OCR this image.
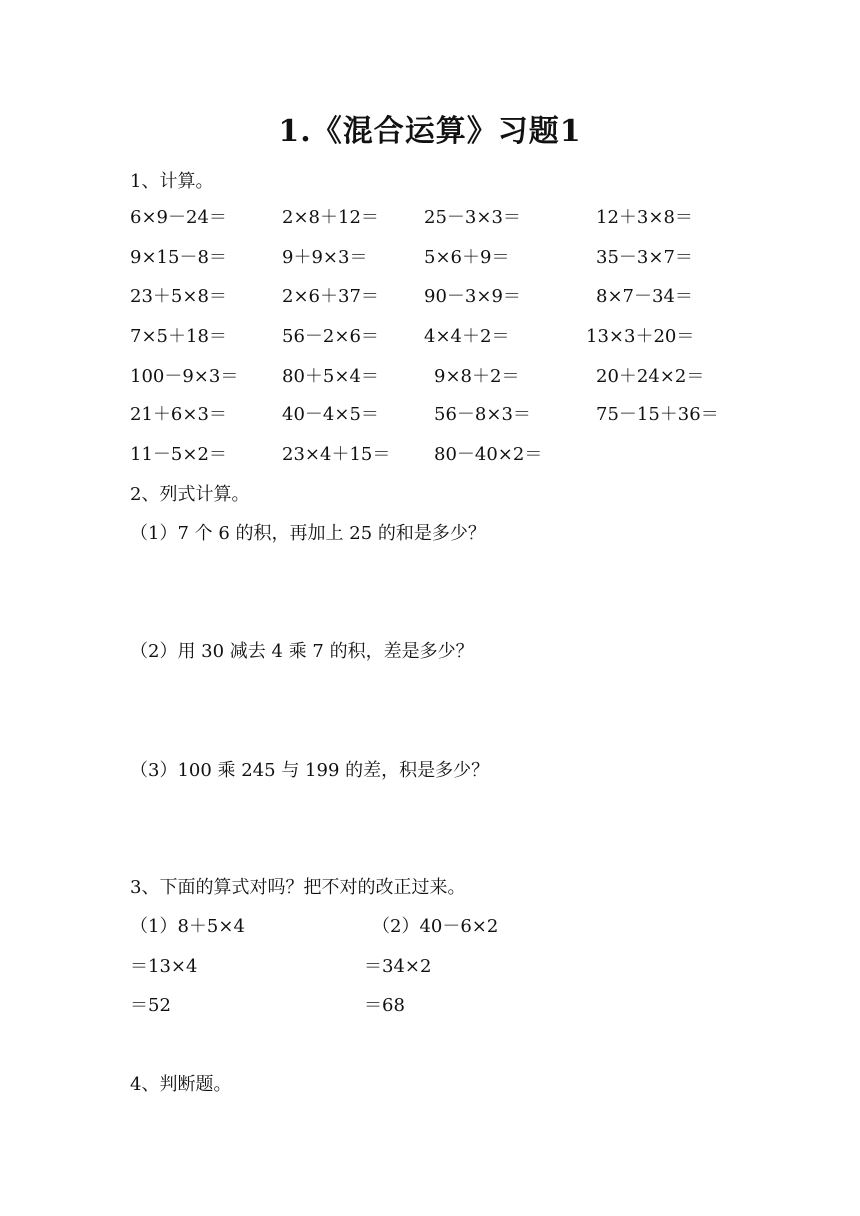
1.《混合运算》习题1
1、计算。
6×9－24＝	2×8＋12＝	25－3×3＝	12＋3×8＝
9×15－8＝	9＋9×3＝	5×6＋9＝	35－3×7＝
23＋5×8＝	2×6＋37＝	90－3×9＝	8×7－34＝
7×5＋18＝	56－2×6＝	4×4＋2＝	13×3＋20＝
100－9×3＝ 80＋5×4＝	9×8＋2＝	20＋24×2＝
21＋6×3＝	40－4×5＝	56－8×3＝	75－15＋36＝
11－5×2＝	23×4＋15＝ 80－40×2＝
2、列式计算。
（1）7 个 6 的积，再加上 25 的和是多少？
（2）用 30 减去 4 乘 7 的积，差是多少？
（3）100 乘 245 与 199 的差，积是多少？
3、下面的算式对吗？把不对的改正过来。
（1）8＋5×4
＝13×4
＝52
（2）40－6×2
＝34×2
＝68
4、判断题。
